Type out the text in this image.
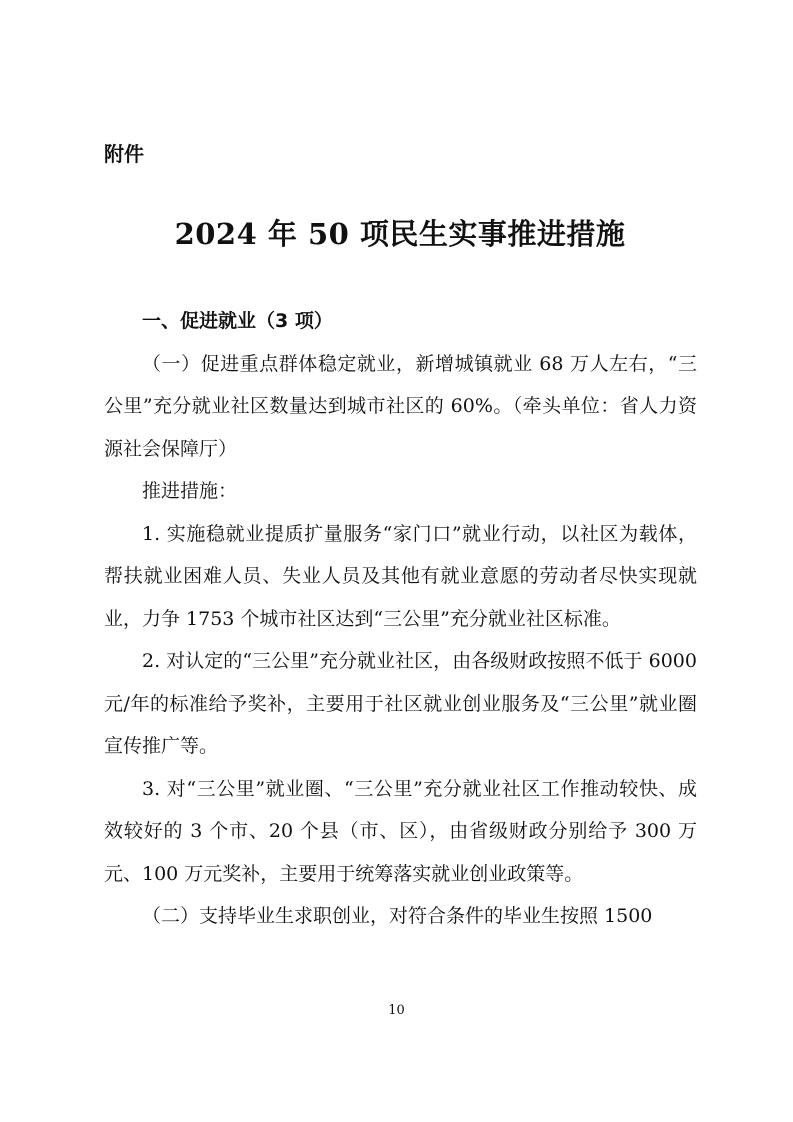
附件
2024 年 50 项民生实事推进措施

一、促进就业（3 项）

（一）促进重点群体稳定就业，新增城镇就业 68 万人左右，“三公里”充分就业社区数量达到城市社区的 60%。（牵头单位：省人力资源社会保障厅）

推进措施：

1. 实施稳就业提质扩量服务“家门口”就业行动，以社区为载体，帮扶就业困难人员、失业人员及其他有就业意愿的劳动者尽快实现就业，力争 1753 个城市社区达到“三公里”充分就业社区标准。

2. 对认定的“三公里”充分就业社区，由各级财政按照不低于 6000 元/年的标准给予奖补，主要用于社区就业创业服务及“三公里”就业圈宣传推广等。

3. 对“三公里”就业圈、“三公里”充分就业社区工作推动较快、成效较好的 3 个市、20 个县（市、区），由省级财政分别给予 300 万元、100 万元奖补，主要用于统筹落实就业创业政策等。

（二）支持毕业生求职创业，对符合条件的毕业生按照 1500

10
